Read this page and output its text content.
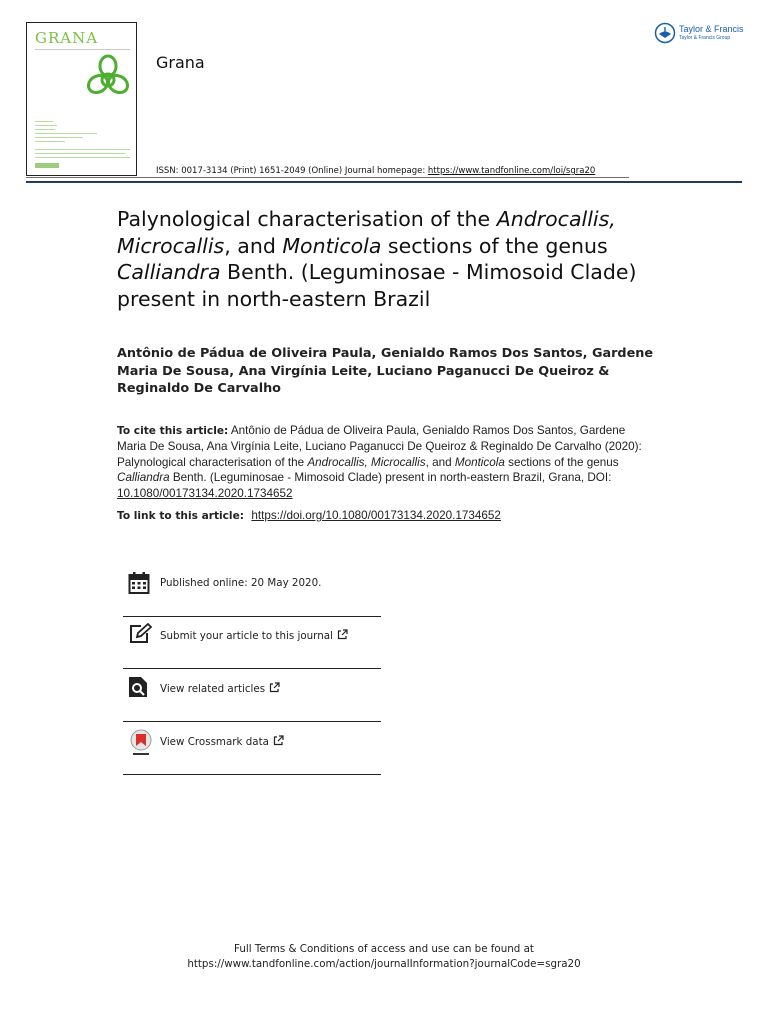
GRANA
Grana
Taylor & Francis
Taylor & Francis Group
ISSN: 0017-3134 (Print) 1651-2049 (Online) Journal homepage: https://www.tandfonline.com/loi/sgra20
Palynological characterisation of the Androcallis,
Microcallis, and Monticola sections of the genus
Calliandra Benth. (Leguminosae - Mimosoid Clade)
present in north-eastern Brazil
Antônio de Pádua de Oliveira Paula, Genialdo Ramos Dos Santos, Gardene
Maria De Sousa, Ana Virgínia Leite, Luciano Paganucci De Queiroz &
Reginaldo De Carvalho
To cite this article: Antônio de Pádua de Oliveira Paula, Genialdo Ramos Dos Santos, Gardene Maria De Sousa, Ana Virgínia Leite, Luciano Paganucci De Queiroz & Reginaldo De Carvalho (2020): Palynological characterisation of the Androcallis, Microcallis, and Monticola sections of the genus Calliandra Benth. (Leguminosae - Mimosoid Clade) present in north-eastern Brazil, Grana, DOI: 10.1080/00173134.2020.1734652
To link to this article: https://doi.org/10.1080/00173134.2020.1734652
Published online: 20 May 2020.
Submit your article to this journal
View related articles
View Crossmark data
Full Terms & Conditions of access and use can be found at
https://www.tandfonline.com/action/journalInformation?journalCode=sgra20
